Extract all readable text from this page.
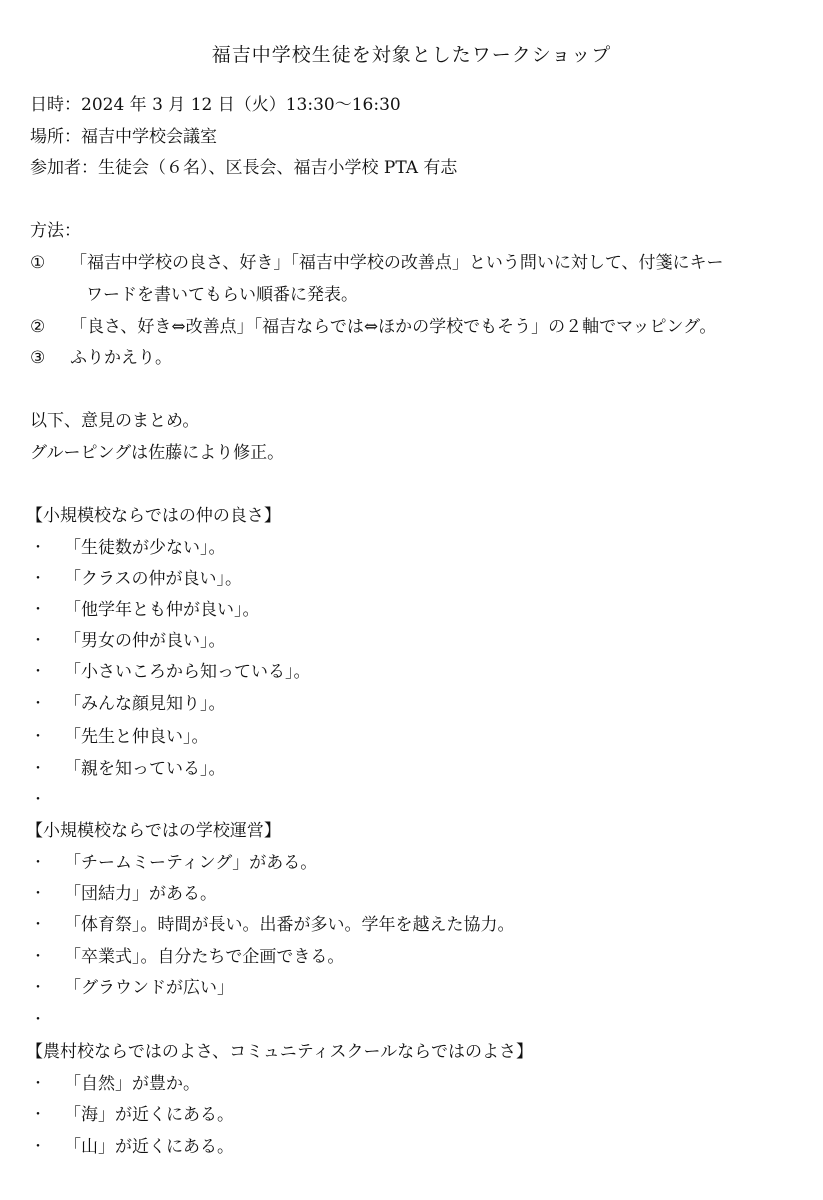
福吉中学校生徒を対象としたワークショップ
日時：2024 年 3 月 12 日（火）13:30～16:30
場所：福吉中学校会議室
参加者：生徒会（６名）、区長会、福吉小学校 PTA 有志
方法：
①	「福吉中学校の良さ、好き」「福吉中学校の改善点」という問いに対して、付箋にキー
ワードを書いてもらい順番に発表。
②	「良さ、好き⇔改善点」「福吉ならでは⇔ほかの学校でもそう」の２軸でマッピング。
③	ふりかえり。
以下、意見のまとめ。
グルーピングは佐藤により修正。
【小規模校ならではの仲の良さ】
・ 「生徒数が少ない」。
・ 「クラスの仲が良い」。
・ 「他学年とも仲が良い」。
・ 「男女の仲が良い」。
・ 「小さいころから知っている」。
・ 「みんな顔見知り」。
・ 「先生と仲良い」。
・ 「親を知っている」。
・
【小規模校ならではの学校運営】
・ 「チームミーティング」がある。
・ 「団結力」がある。
・ 「体育祭」。時間が長い。出番が多い。学年を越えた協力。
・ 「卒業式」。自分たちで企画できる。
・ 「グラウンドが広い」
・
【農村校ならではのよさ、コミュニティスクールならではのよさ】
・ 「自然」が豊か。
・ 「海」が近くにある。
・ 「山」が近くにある。
